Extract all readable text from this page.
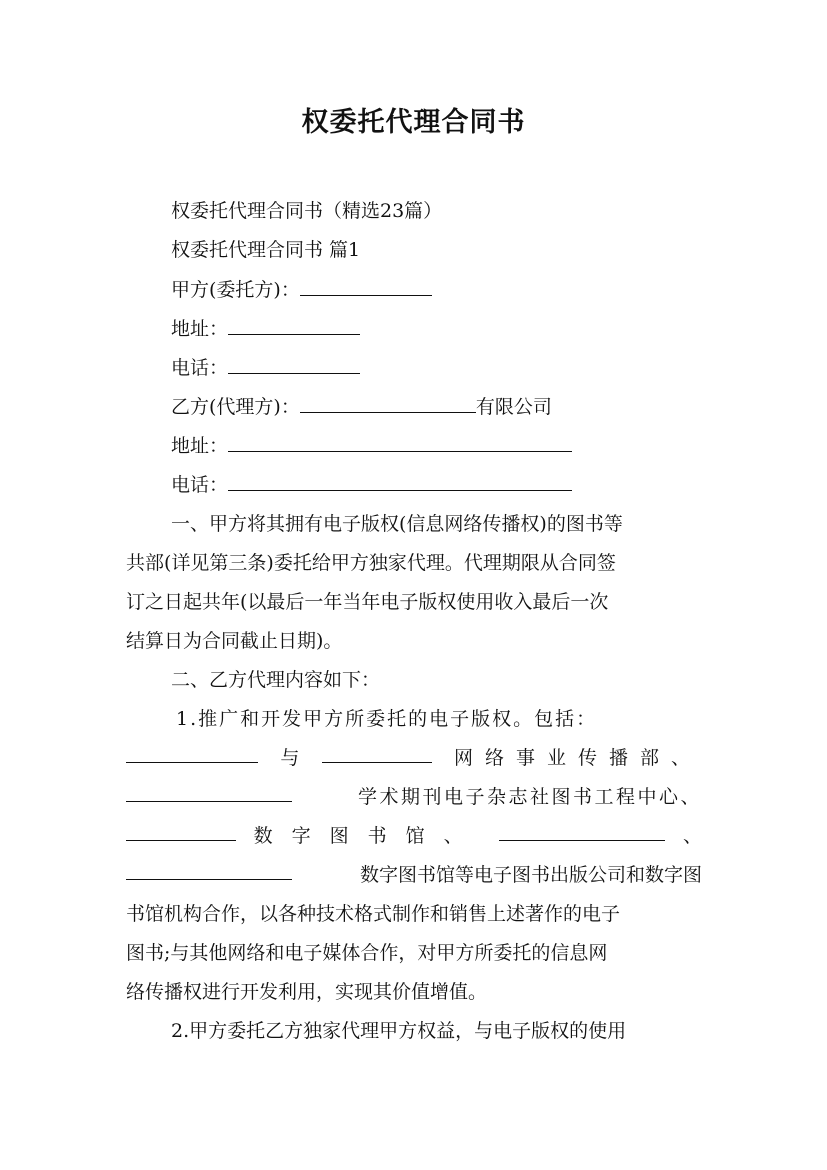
权委托代理合同书
权委托代理合同书（精选23篇）
权委托代理合同书 篇1
甲方(委托方)：
地址：
电话：
乙方(代理方)：	有限公司
地址：
电话：
一、甲方将其拥有电子版权(信息网络传播权)的图书等
共部(详见第三条)委托给甲方独家代理。代理期限从合同签
订之日起共年(以最后一年当年电子版权使用收入最后一次
结算日为合同截止日期)。
二、乙方代理内容如下：
1.推广和开发甲方所委托的电子版权。包括：
与	网络事业传播部、
学术期刊电子杂志社图书工程中心、
数字图书馆、	、
数字图书馆等电子图书出版公司和数字图
书馆机构合作，以各种技术格式制作和销售上述著作的电子
图书;与其他网络和电子媒体合作，对甲方所委托的信息网
络传播权进行开发利用，实现其价值增值。
2.甲方委托乙方独家代理甲方权益，与电子版权的使用
